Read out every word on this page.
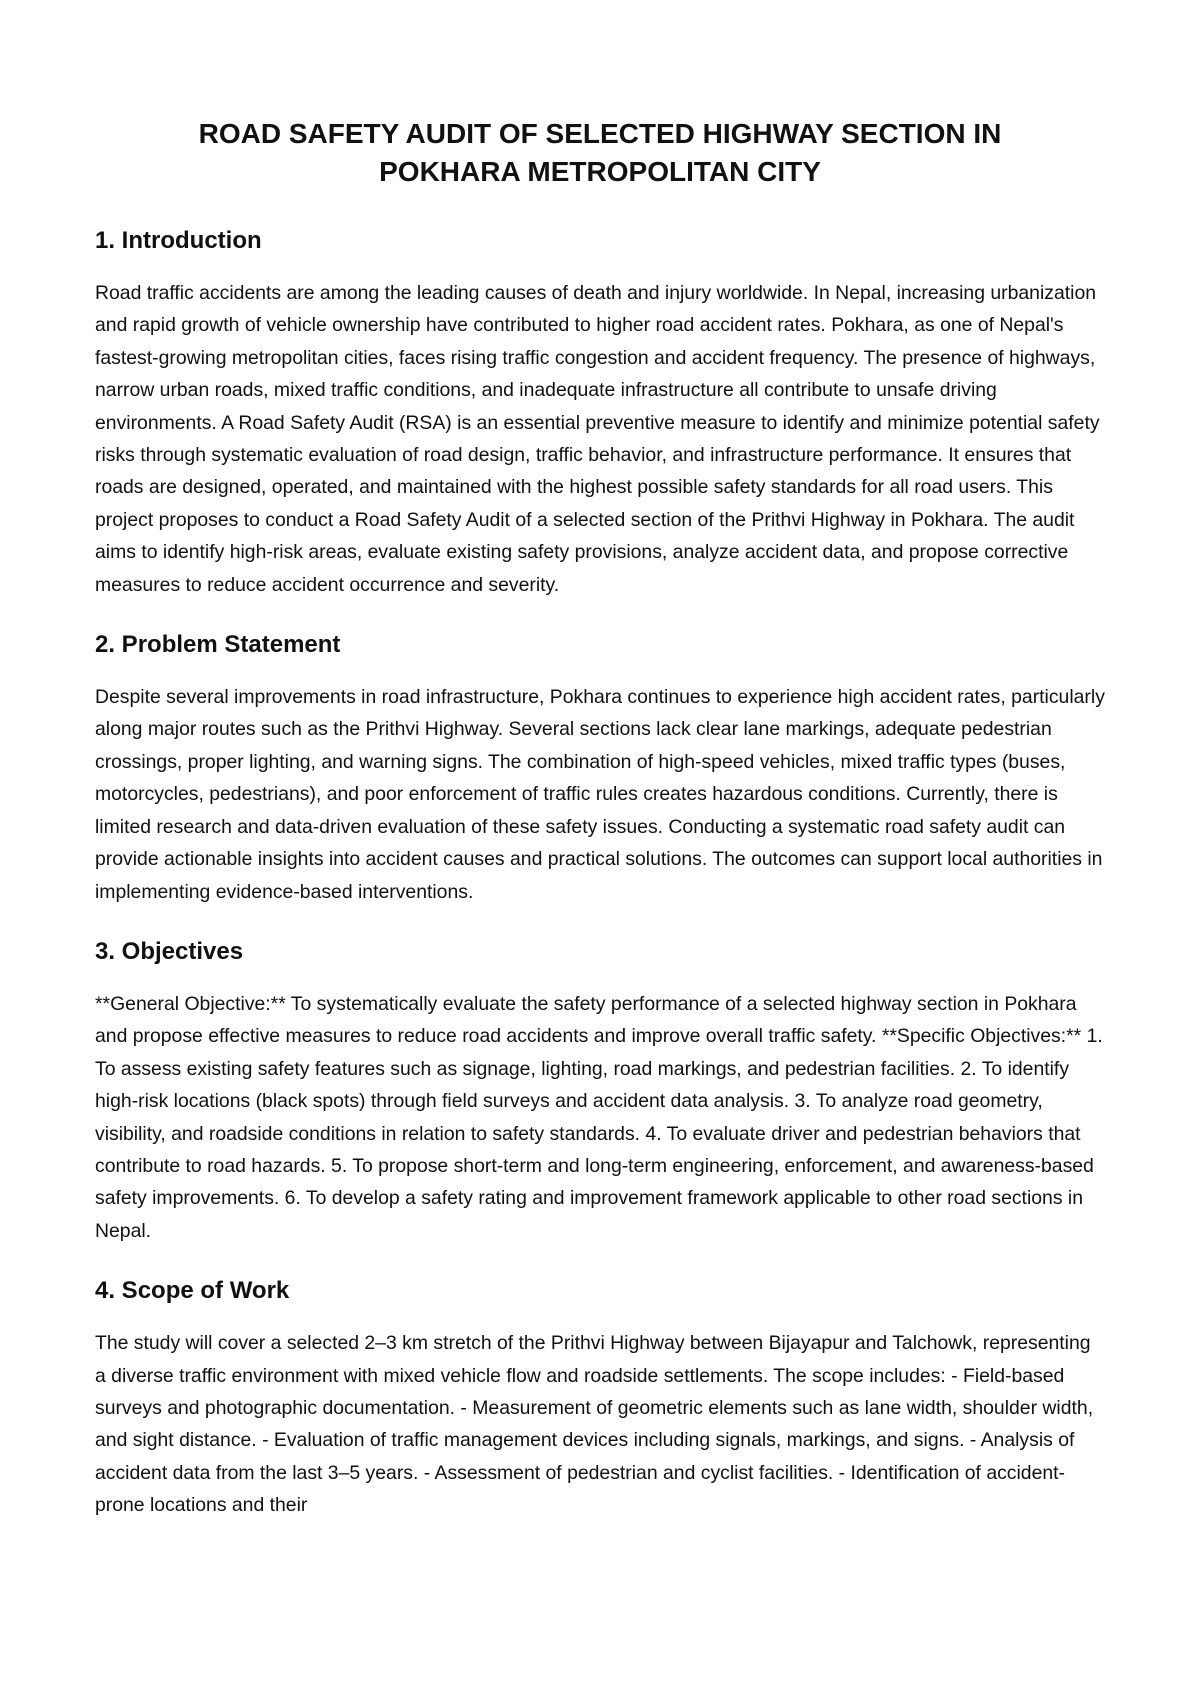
ROAD SAFETY AUDIT OF SELECTED HIGHWAY SECTION IN
POKHARA METROPOLITAN CITY
1. Introduction

Road traffic accidents are among the leading causes of death and injury worldwide. In Nepal, increasing urbanization and rapid growth of vehicle ownership have contributed to higher road accident rates. Pokhara, as one of Nepal's fastest-growing metropolitan cities, faces rising traffic congestion and accident frequency. The presence of highways, narrow urban roads, mixed traffic conditions, and inadequate infrastructure all contribute to unsafe driving environments. A Road Safety Audit (RSA) is an essential preventive measure to identify and minimize potential safety risks through systematic evaluation of road design, traffic behavior, and infrastructure performance. It ensures that roads are designed, operated, and maintained with the highest possible safety standards for all road users. This project proposes to conduct a Road Safety Audit of a selected section of the Prithvi Highway in Pokhara. The audit aims to identify high-risk areas, evaluate existing safety provisions, analyze accident data, and propose corrective measures to reduce accident occurrence and severity.

2. Problem Statement

Despite several improvements in road infrastructure, Pokhara continues to experience high accident rates, particularly along major routes such as the Prithvi Highway. Several sections lack clear lane markings, adequate pedestrian crossings, proper lighting, and warning signs. The combination of high-speed vehicles, mixed traffic types (buses, motorcycles, pedestrians), and poor enforcement of traffic rules creates hazardous conditions. Currently, there is limited research and data-driven evaluation of these safety issues. Conducting a systematic road safety audit can provide actionable insights into accident causes and practical solutions. The outcomes can support local authorities in implementing evidence-based interventions.

3. Objectives

**General Objective:** To systematically evaluate the safety performance of a selected highway section in Pokhara and propose effective measures to reduce road accidents and improve overall traffic safety. **Specific Objectives:** 1. To assess existing safety features such as signage, lighting, road markings, and pedestrian facilities. 2. To identify high-risk locations (black spots) through field surveys and accident data analysis. 3. To analyze road geometry, visibility, and roadside conditions in relation to safety standards. 4. To evaluate driver and pedestrian behaviors that contribute to road hazards. 5. To propose short-term and long-term engineering, enforcement, and awareness-based safety improvements. 6. To develop a safety rating and improvement framework applicable to other road sections in Nepal.

4. Scope of Work

The study will cover a selected 2–3 km stretch of the Prithvi Highway between Bijayapur and Talchowk, representing a diverse traffic environment with mixed vehicle flow and roadside settlements. The scope includes: - Field-based surveys and photographic documentation. - Measurement of geometric elements such as lane width, shoulder width, and sight distance. - Evaluation of traffic management devices including signals, markings, and signs. - Analysis of accident data from the last 3–5 years. - Assessment of pedestrian and cyclist facilities. - Identification of accident-prone locations and their
